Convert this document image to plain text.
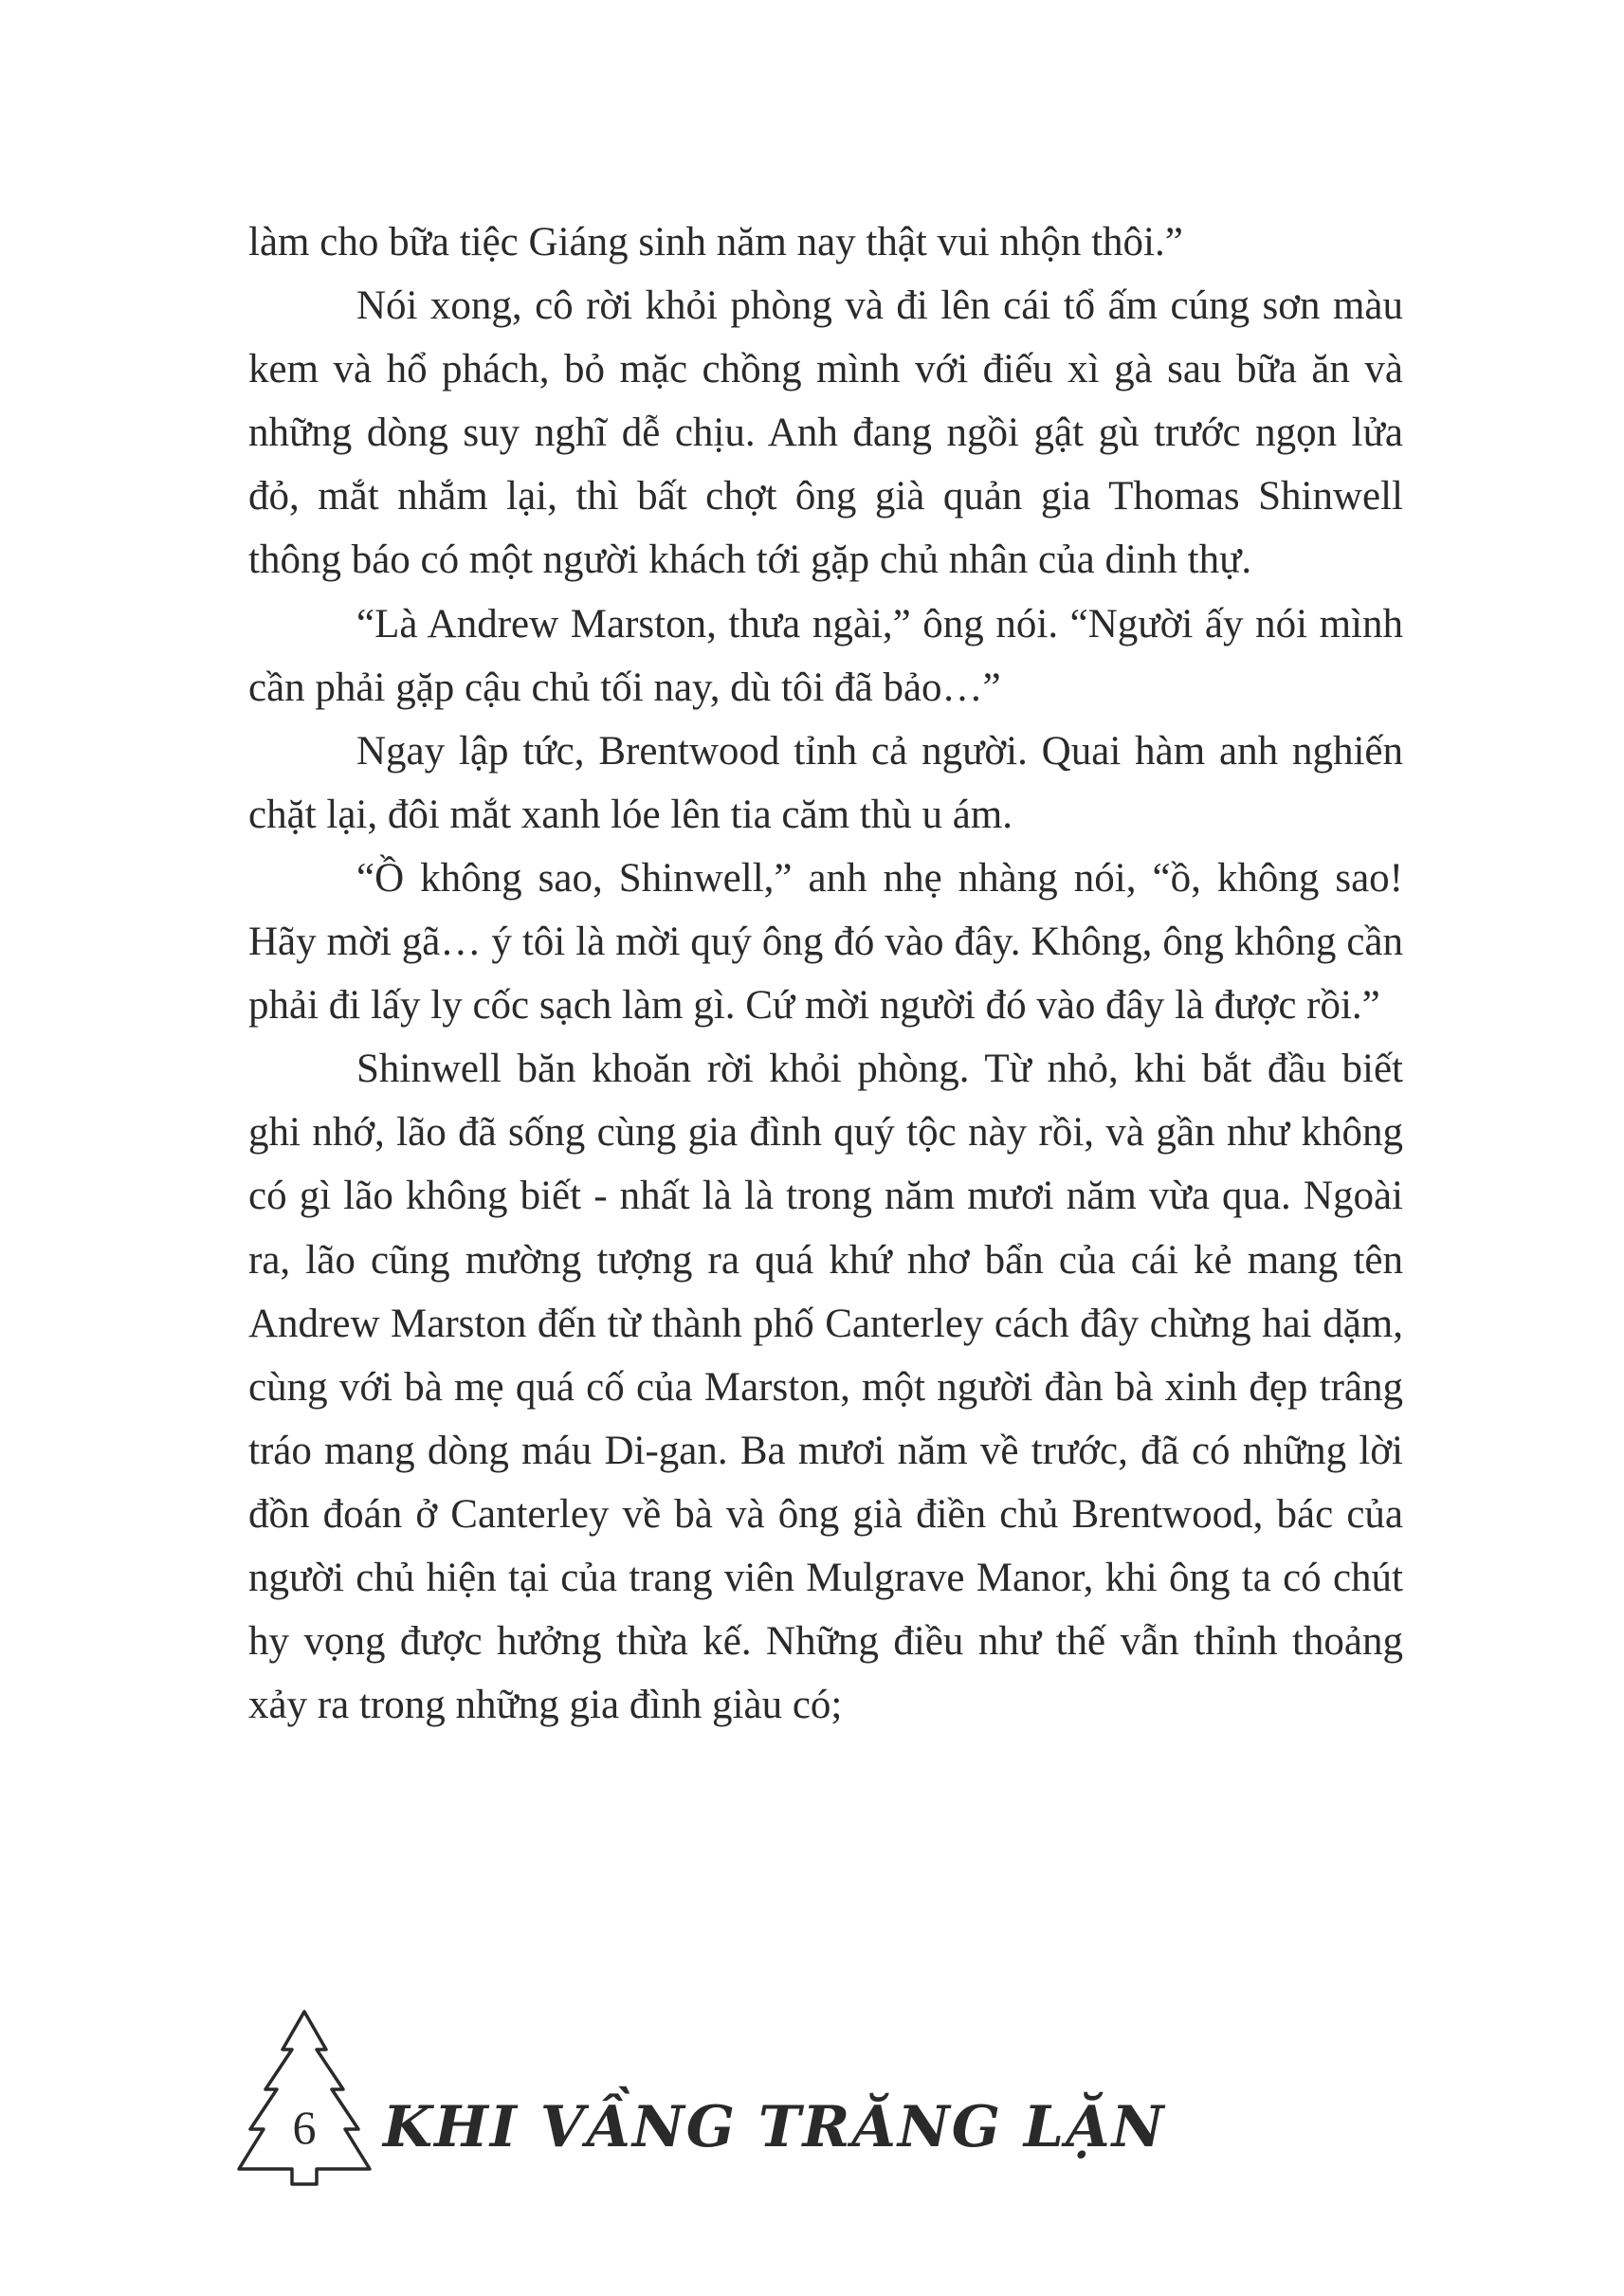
làm cho bữa tiệc Giáng sinh năm nay thật vui nhộn thôi.”

Nói xong, cô rời khỏi phòng và đi lên cái tổ ấm cúng sơn màu kem và hổ phách, bỏ mặc chồng mình với điếu xì gà sau bữa ăn và những dòng suy nghĩ dễ chịu. Anh đang ngồi gật gù trước ngọn lửa đỏ, mắt nhắm lại, thì bất chợt ông già quản gia Thomas Shinwell thông báo có một người khách tới gặp chủ nhân của dinh thự.

“Là Andrew Marston, thưa ngài,” ông nói. “Người ấy nói mình cần phải gặp cậu chủ tối nay, dù tôi đã bảo…”

Ngay lập tức, Brentwood tỉnh cả người. Quai hàm anh nghiến chặt lại, đôi mắt xanh lóe lên tia căm thù u ám.

“Ồ không sao, Shinwell,” anh nhẹ nhàng nói, “ồ, không sao! Hãy mời gã… ý tôi là mời quý ông đó vào đây. Không, ông không cần phải đi lấy ly cốc sạch làm gì. Cứ mời người đó vào đây là được rồi.”

Shinwell băn khoăn rời khỏi phòng. Từ nhỏ, khi bắt đầu biết ghi nhớ, lão đã sống cùng gia đình quý tộc này rồi, và gần như không có gì lão không biết - nhất là là trong năm mươi năm vừa qua. Ngoài ra, lão cũng mường tượng ra quá khứ nhơ bẩn của cái kẻ mang tên Andrew Marston đến từ thành phố Canterley cách đây chừng hai dặm, cùng với bà mẹ quá cố của Marston, một người đàn bà xinh đẹp trâng tráo mang dòng máu Di-gan. Ba mươi năm về trước, đã có những lời đồn đoán ở Canterley về bà và ông già điền chủ Brentwood, bác của người chủ hiện tại của trang viên Mulgrave Manor, khi ông ta có chút hy vọng được hưởng thừa kế. Những điều như thế vẫn thỉnh thoảng xảy ra trong những gia đình giàu có;

6	KHI VẦNG TRĂNG LẶN
